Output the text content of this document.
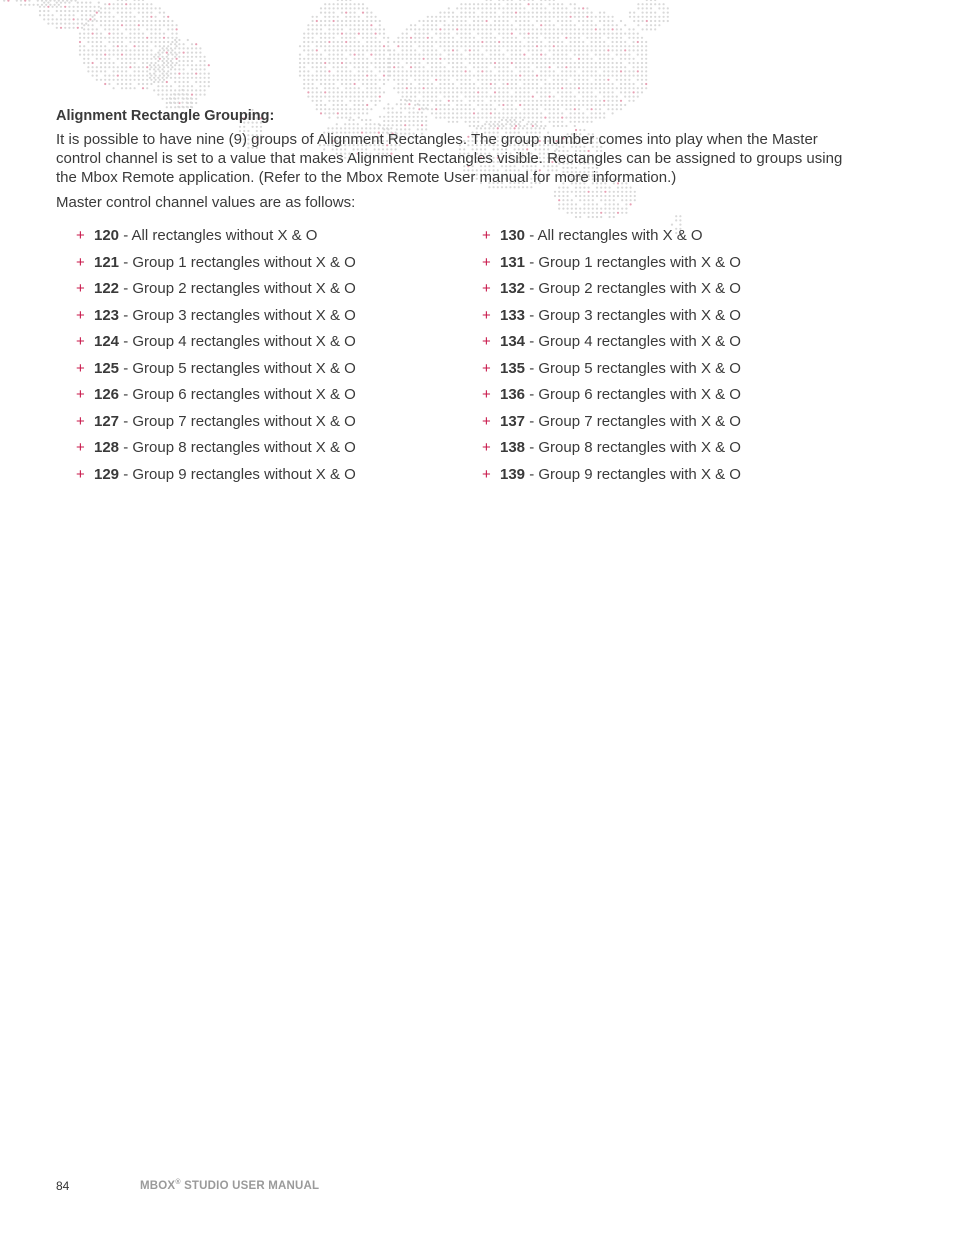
Alignment Rectangle Grouping:

It is possible to have nine (9) groups of Alignment Rectangles. The group number comes into play when the Master control channel is set to a value that makes Alignment Rectangles visible. Rectangles can be assigned to groups using the Mbox Remote application. (Refer to the Mbox Remote User manual for more information.)

Master control channel values are as follows:

+ 120 - All rectangles without X & O
+ 121 - Group 1 rectangles without X & O
+ 122 - Group 2 rectangles without X & O
+ 123 - Group 3 rectangles without X & O
+ 124 - Group 4 rectangles without X & O
+ 125 - Group 5 rectangles without X & O
+ 126 - Group 6 rectangles without X & O
+ 127 - Group 7 rectangles without X & O
+ 128 - Group 8 rectangles without X & O
+ 129 - Group 9 rectangles without X & O
+ 130 - All rectangles with X & O
+ 131 - Group 1 rectangles with X & O
+ 132 - Group 2 rectangles with X & O
+ 133 - Group 3 rectangles with X & O
+ 134 - Group 4 rectangles with X & O
+ 135 - Group 5 rectangles with X & O
+ 136 - Group 6 rectangles with X & O
+ 137 - Group 7 rectangles with X & O
+ 138 - Group 8 rectangles with X & O
+ 139 - Group 9 rectangles with X & O
84	MBOX® STUDIO USER MANUAL
